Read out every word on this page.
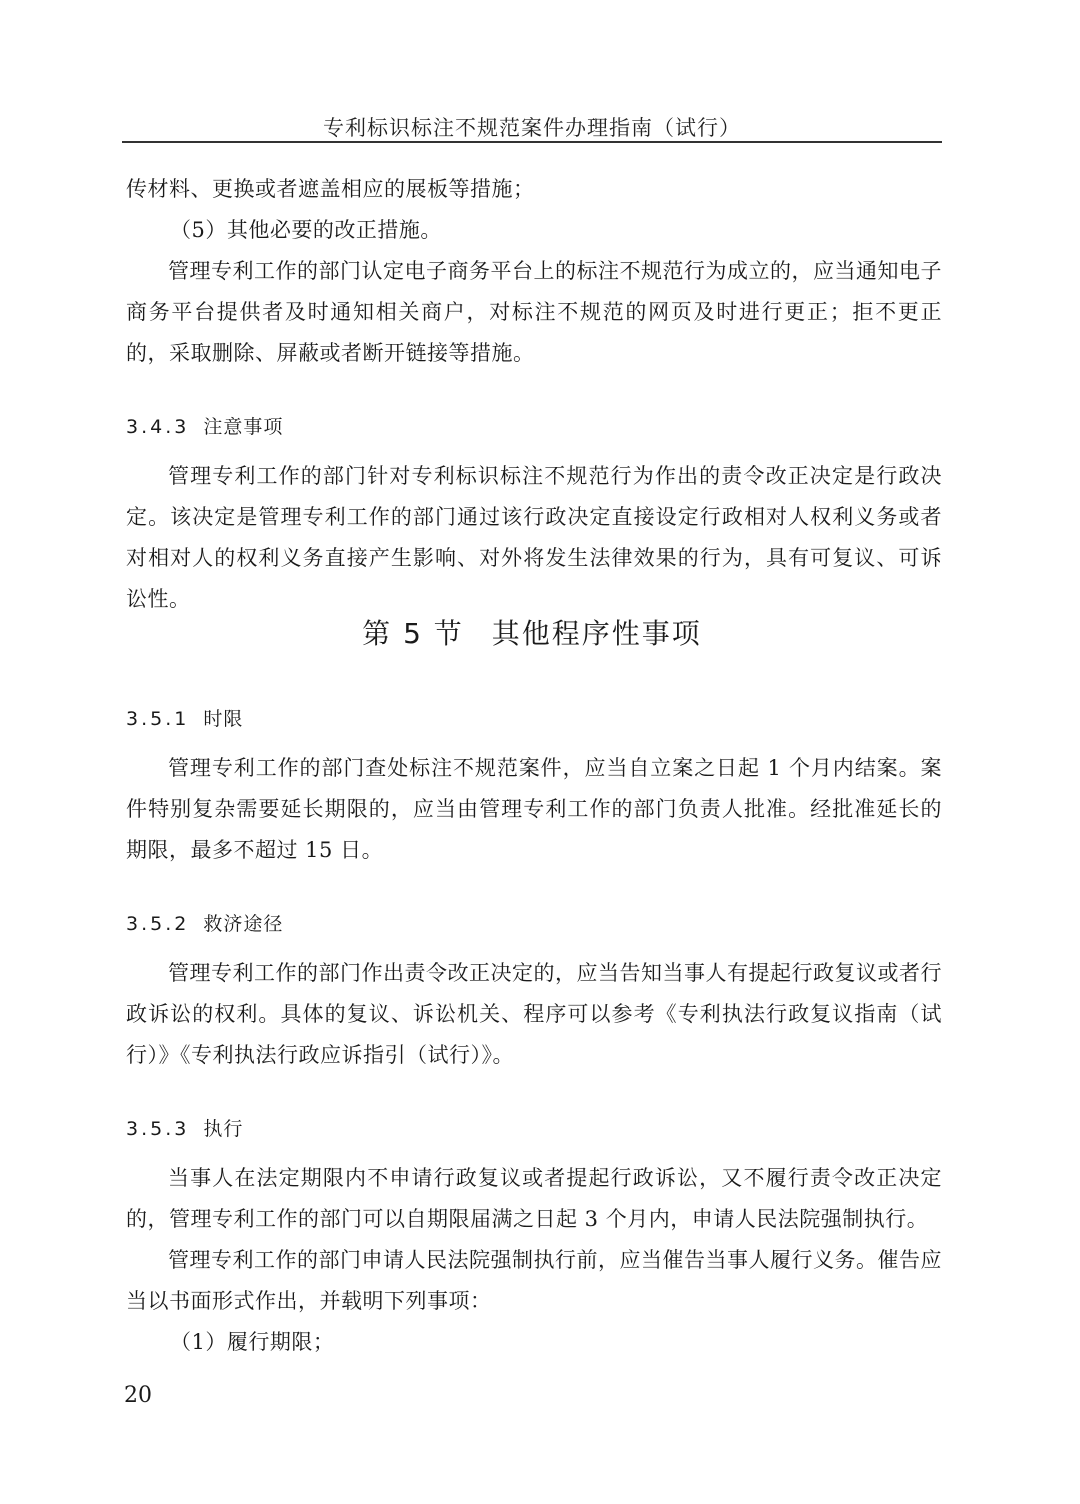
专利标识标注不规范案件办理指南（试行）
传材料、更换或者遮盖相应的展板等措施；
（5）其他必要的改正措施。
管理专利工作的部门认定电子商务平台上的标注不规范行为成立的，应当通知电子商务平台提供者及时通知相关商户，对标注不规范的网页及时进行更正；拒不更正的，采取删除、屏蔽或者断开链接等措施。
3.4.3 注意事项
管理专利工作的部门针对专利标识标注不规范行为作出的责令改正决定是行政决定。该决定是管理专利工作的部门通过该行政决定直接设定行政相对人权利义务或者对相对人的权利义务直接产生影响、对外将发生法律效果的行为，具有可复议、可诉讼性。
第 5 节 其他程序性事项
3.5.1 时限
管理专利工作的部门查处标注不规范案件，应当自立案之日起 1 个月内结案。案件特别复杂需要延长期限的，应当由管理专利工作的部门负责人批准。经批准延长的期限，最多不超过 15 日。
3.5.2 救济途径
管理专利工作的部门作出责令改正决定的，应当告知当事人有提起行政复议或者行政诉讼的权利。具体的复议、诉讼机关、程序可以参考《专利执法行政复议指南（试行）》《专利执法行政应诉指引（试行）》。
3.5.3 执行
当事人在法定期限内不申请行政复议或者提起行政诉讼，又不履行责令改正决定的，管理专利工作的部门可以自期限届满之日起 3 个月内，申请人民法院强制执行。
管理专利工作的部门申请人民法院强制执行前，应当催告当事人履行义务。催告应当以书面形式作出，并载明下列事项：
（1）履行期限；
20
